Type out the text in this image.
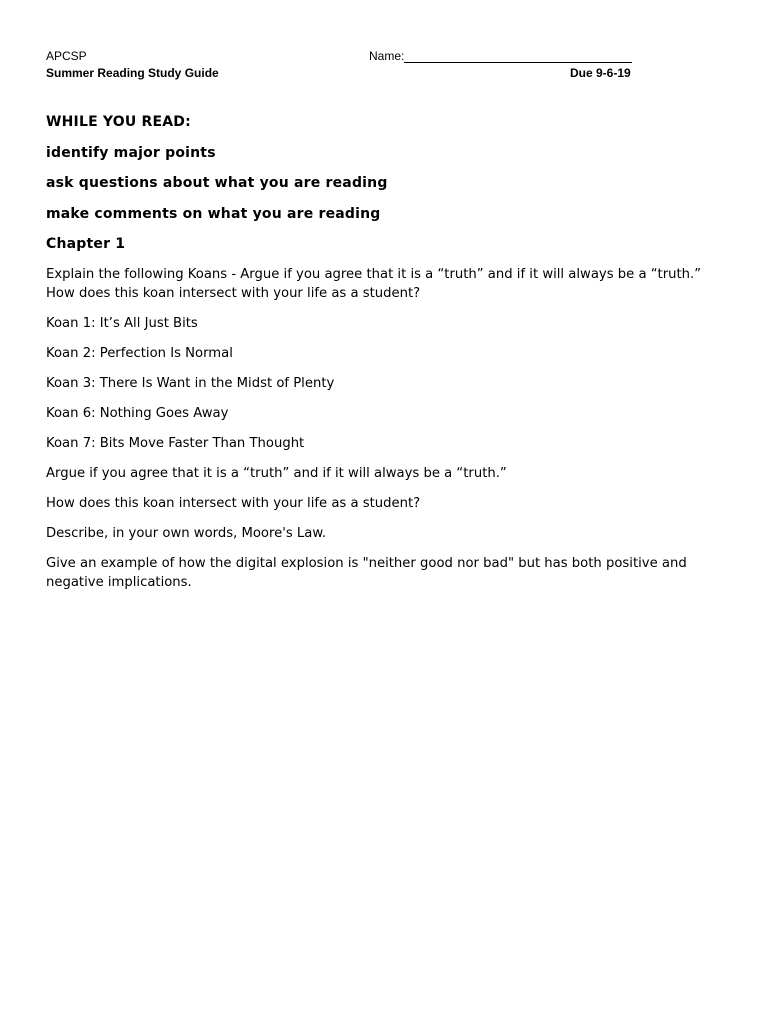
APCSP
Summer Reading Study Guide
Name:
Due 9-6-19
WHILE YOU READ:
identify major points
ask questions about what you are reading
make comments on what you are reading
Chapter 1
Explain the following Koans - Argue if you agree that it is a “truth” and if it will always be a “truth.”
How does this koan intersect with your life as a student?
Koan 1: It’s All Just Bits
Koan 2: Perfection Is Normal
Koan 3: There Is Want in the Midst of Plenty
Koan 6: Nothing Goes Away
Koan 7: Bits Move Faster Than Thought
Argue if you agree that it is a “truth” and if it will always be a “truth.”
How does this koan intersect with your life as a student?
Describe, in your own words, Moore's Law.
Give an example of how the digital explosion is "neither good nor bad" but has both positive and
negative implications.
